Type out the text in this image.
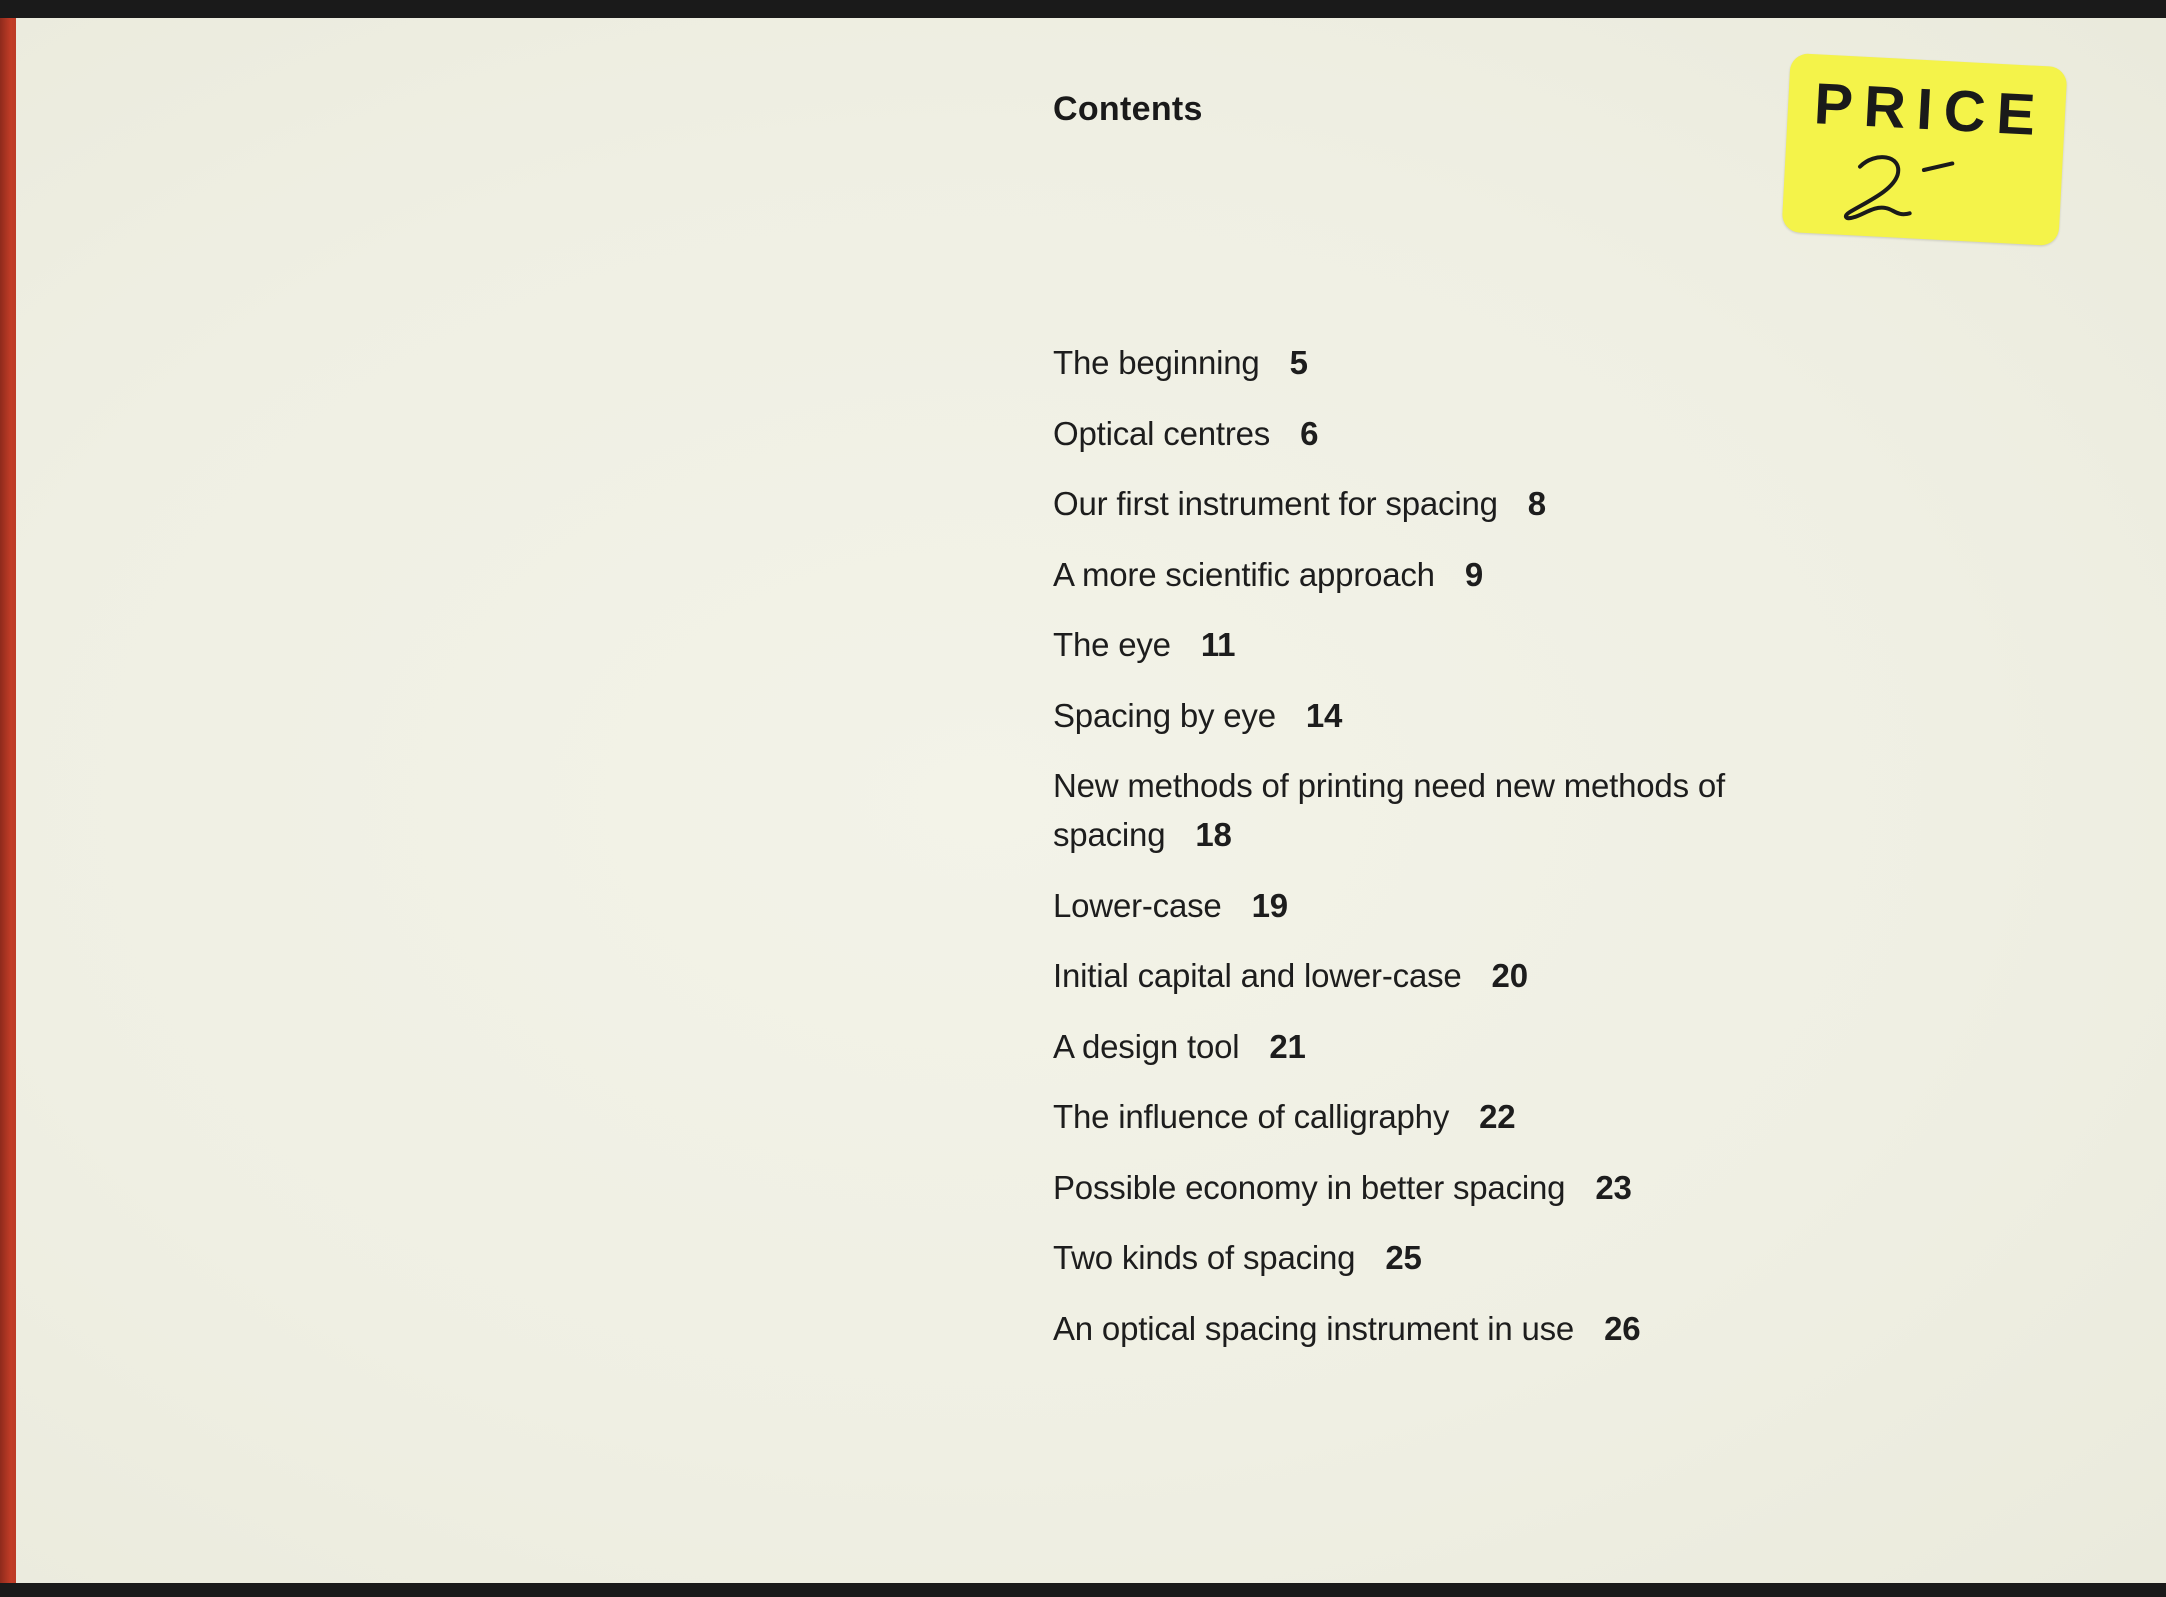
Contents
The beginning 5
Optical centres 6
Our first instrument for spacing 8
A more scientific approach 9
The eye 11
Spacing by eye 14
New methods of printing need new methods of spacing 18
Lower-case 19
Initial capital and lower-case 20
A design tool 21
The influence of calligraphy 22
Possible economy in better spacing 23
Two kinds of spacing 25
An optical spacing instrument in use 26
PRICE
